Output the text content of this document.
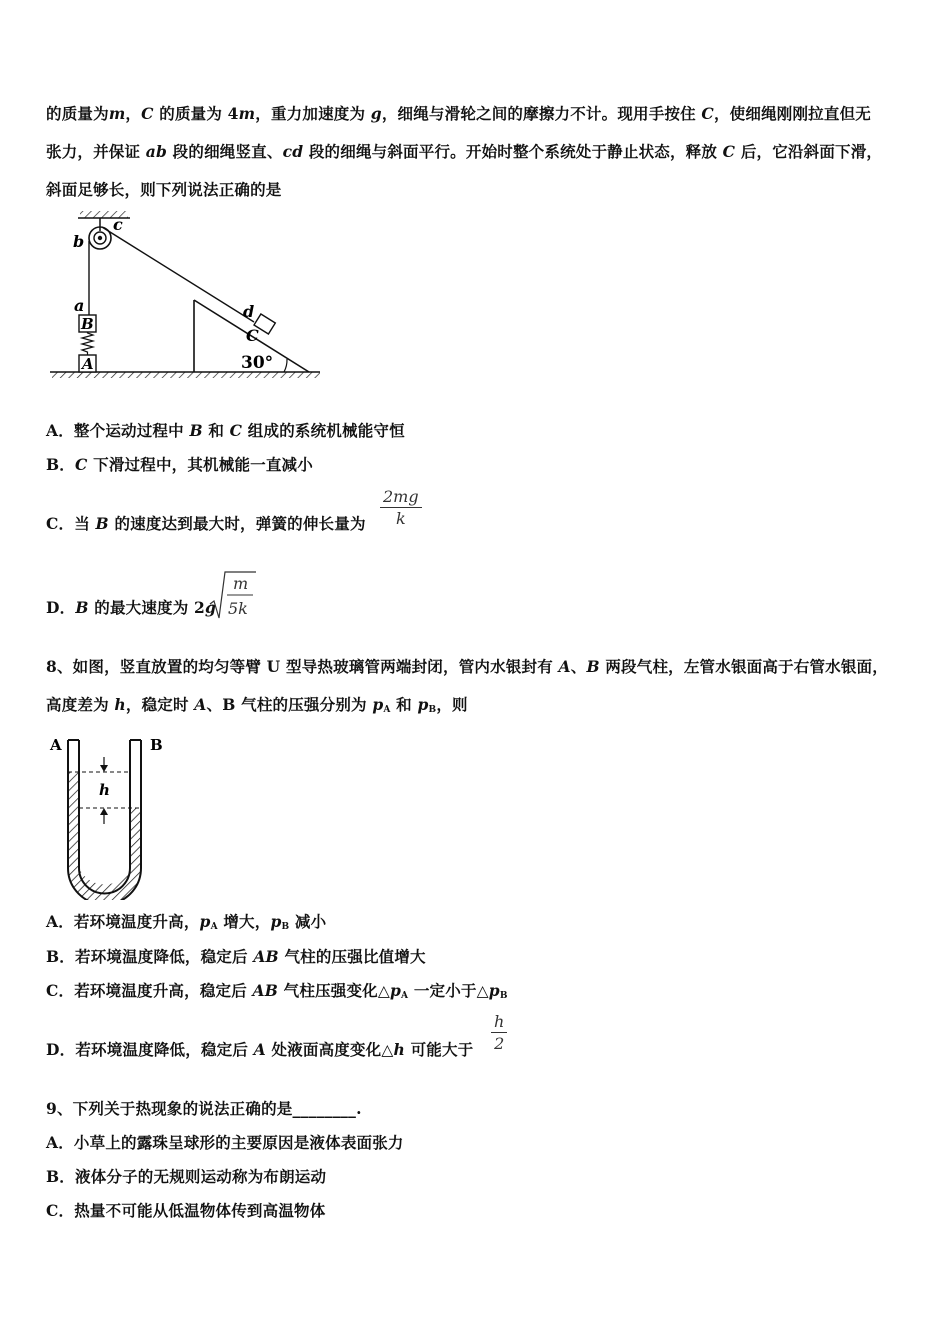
的质量为m，C 的质量为 4m，重力加速度为 g，细绳与滑轮之间的摩擦力不计。现用手按住 C，使细绳刚刚拉直但无
张力，并保证 ab 段的细绳竖直、cd 段的细绳与斜面平行。开始时整个系统处于静止状态，释放 C 后，它沿斜面下滑，
斜面足够长，则下列说法正确的是
A
B
b
c
a
C
d
30°
A．整个运动过程中 B 和 C 组成的系统机械能守恒
B．C 下滑过程中，其机械能一直减小
C．当 B 的速度达到最大时，弹簧的伸长量为 $\frac{2mg}{k}$
D．B 的最大速度为 2g
m
5k
8、如图，竖直放置的均匀等臂 U 型导热玻璃管两端封闭，管内水银封有 A、B 两段气柱，左管水银面高于右管水银面，
高度差为 h，稳定时 A、B 气柱的压强分别为 $p_A$ 和 $p_B$，则
A	B
h
A．若环境温度升高，$p_A$ 增大，$p_B$ 减小
B．若环境温度降低，稳定后 AB 气柱的压强比值增大
C．若环境温度升高，稳定后 AB 气柱压强变化$\triangle p_A$ 一定小于$\triangle p_B$
D．若环境温度降低，稳定后 A 处液面高度变化△h 可能大于 $\frac{h}{2}$
9、下列关于热现象的说法正确的是________.
A．小草上的露珠呈球形的主要原因是液体表面张力
B．液体分子的无规则运动称为布朗运动
C．热量不可能从低温物体传到高温物体
